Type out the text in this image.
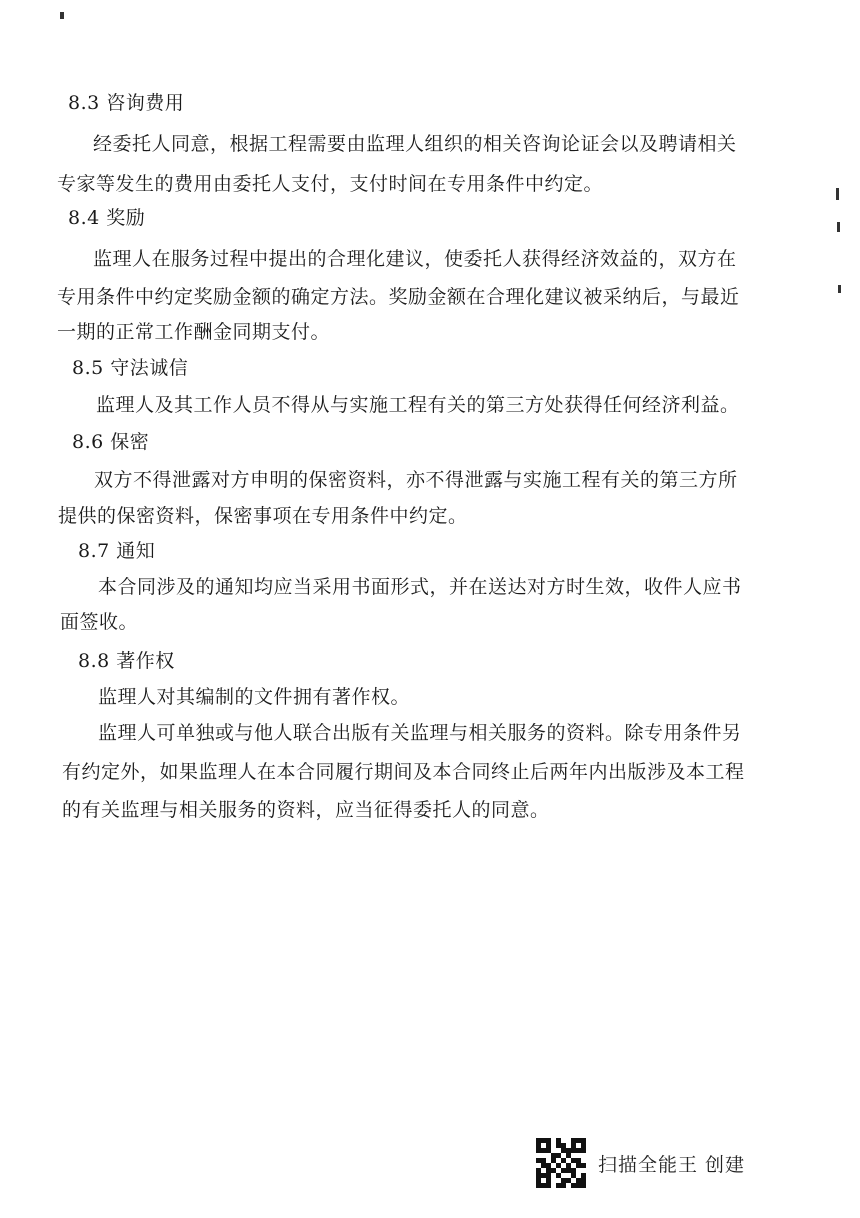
8.3 咨询费用
经委托人同意，根据工程需要由监理人组织的相关咨询论证会以及聘请相关
专家等发生的费用由委托人支付，支付时间在专用条件中约定。
8.4 奖励
监理人在服务过程中提出的合理化建议，使委托人获得经济效益的，双方在
专用条件中约定奖励金额的确定方法。奖励金额在合理化建议被采纳后，与最近
一期的正常工作酬金同期支付。
8.5 守法诚信
监理人及其工作人员不得从与实施工程有关的第三方处获得任何经济利益。
8.6 保密
双方不得泄露对方申明的保密资料，亦不得泄露与实施工程有关的第三方所
提供的保密资料，保密事项在专用条件中约定。
8.7 通知
本合同涉及的通知均应当采用书面形式，并在送达对方时生效，收件人应书
面签收。
8.8 著作权
监理人对其编制的文件拥有著作权。
监理人可单独或与他人联合出版有关监理与相关服务的资料。除专用条件另
有约定外，如果监理人在本合同履行期间及本合同终止后两年内出版涉及本工程
的有关监理与相关服务的资料，应当征得委托人的同意。
扫描全能王 创建
